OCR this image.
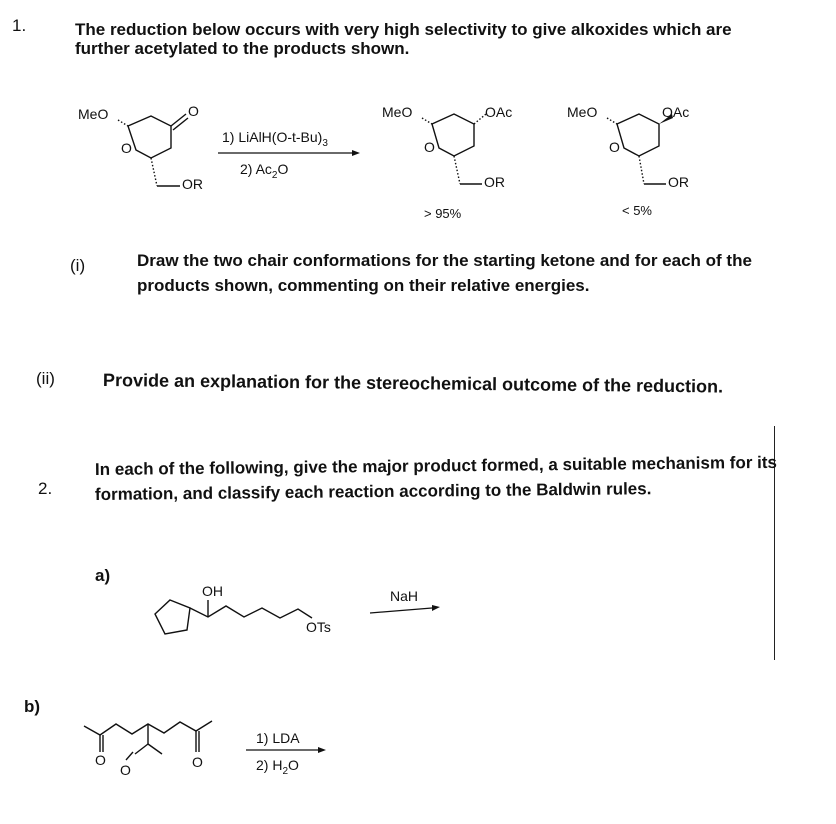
1.	The reduction below occurs with very high selectivity to give alkoxides which are
further acetylated to the products shown.
MeO
O
O
OR
1) $LiAlH(O-t-Bu)_3$
2) $Ac_2O$
MeO
O
OAc
OR
> 95%
MeO
O
OAc
OR
< 5%
(i)	Draw the two chair conformations for the starting ketone and for each of the
products shown, commenting on their relative energies.
(ii)	Provide an explanation for the stereochemical outcome of the reduction.
2.
In each of the following, give the major product formed, a suitable mechanism for its
formation, and classify each reaction according to the Baldwin rules.
a)
OH
OTs
NaH
b)
O
O	O
1) LDA
2) $H_2O$
